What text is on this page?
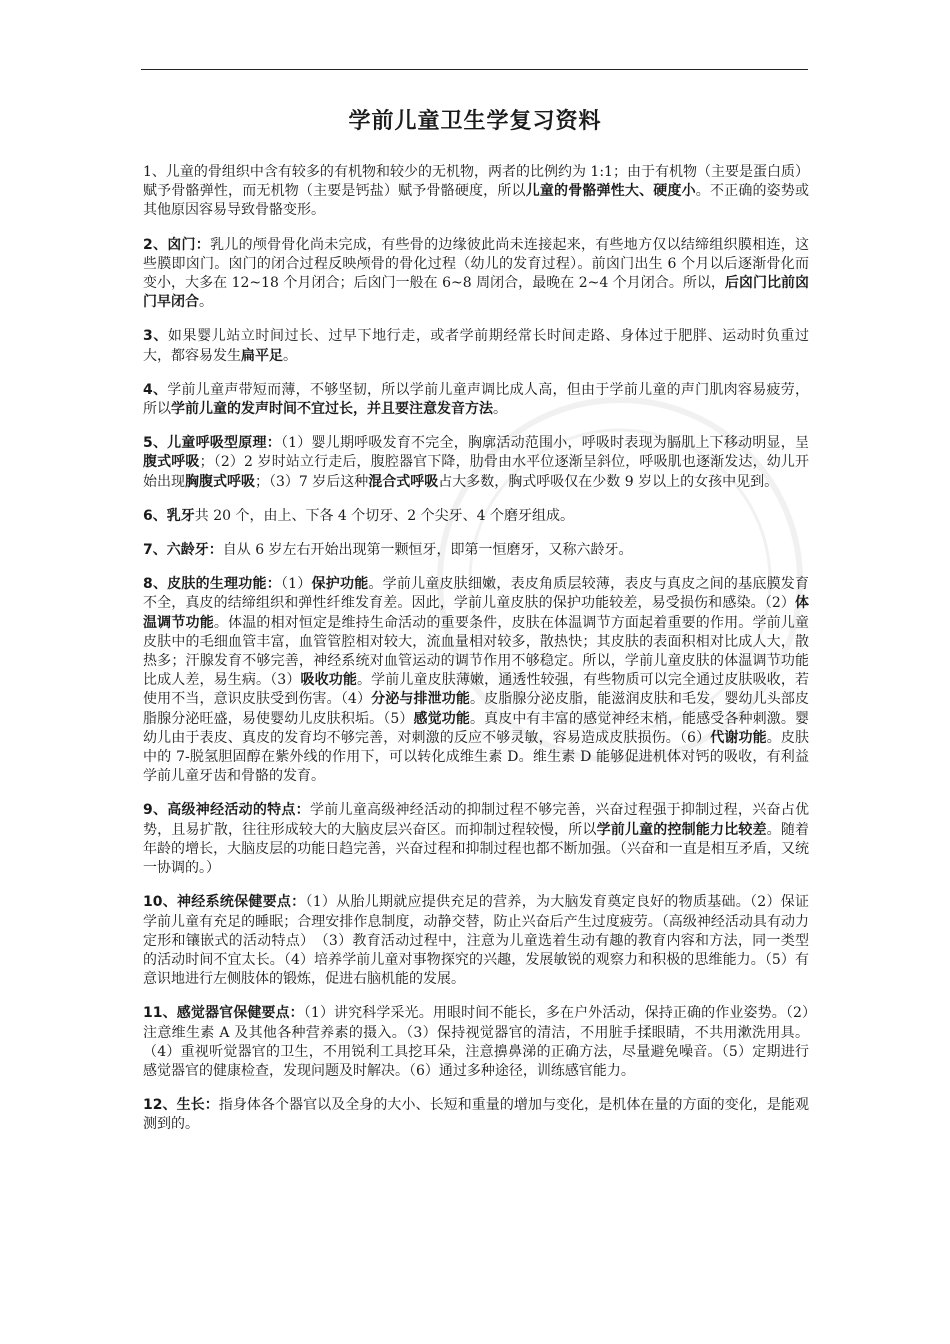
学前儿童卫生学复习资料

1、儿童的骨组织中含有较多的有机物和较少的无机物，两者的比例约为 1:1；由于有机物（主要是蛋白质）赋予骨骼弹性，而无机物（主要是钙盐）赋予骨骼硬度，所以儿童的骨骼弹性大、硬度小。不正确的姿势或其他原因容易导致骨骼变形。

2、囟门：乳儿的颅骨骨化尚未完成，有些骨的边缘彼此尚未连接起来，有些地方仅以结缔组织膜相连，这些膜即囟门。囟门的闭合过程反映颅骨的骨化过程（幼儿的发育过程）。前囟门出生 6 个月以后逐渐骨化而变小，大多在 12~18 个月闭合；后囟门一般在 6~8 周闭合，最晚在 2~4 个月闭合。所以，后囟门比前囟门早闭合。

3、如果婴儿站立时间过长、过早下地行走，或者学前期经常长时间走路、身体过于肥胖、运动时负重过大，都容易发生扁平足。

4、学前儿童声带短而薄，不够坚韧，所以学前儿童声调比成人高，但由于学前儿童的声门肌肉容易疲劳，所以学前儿童的发声时间不宜过长，并且要注意发音方法。

5、儿童呼吸型原理：（1）婴儿期呼吸发育不完全，胸廓活动范围小，呼吸时表现为膈肌上下移动明显，呈腹式呼吸；（2）2 岁时站立行走后，腹腔器官下降，肋骨由水平位逐渐呈斜位，呼吸肌也逐渐发达，幼儿开始出现胸腹式呼吸；（3）7 岁后这种混合式呼吸占大多数，胸式呼吸仅在少数 9 岁以上的女孩中见到。

6、乳牙共 20 个，由上、下各 4 个切牙、2 个尖牙、4 个磨牙组成。

7、六龄牙：自从 6 岁左右开始出现第一颗恒牙，即第一恒磨牙，又称六龄牙。

8、皮肤的生理功能：（1）保护功能。学前儿童皮肤细嫩，表皮角质层较薄，表皮与真皮之间的基底膜发育不全，真皮的结缔组织和弹性纤维发育差。因此，学前儿童皮肤的保护功能较差，易受损伤和感染。（2）体温调节功能。体温的相对恒定是维持生命活动的重要条件，皮肤在体温调节方面起着重要的作用。学前儿童皮肤中的毛细血管丰富，血管管腔相对较大，流血量相对较多，散热快；其皮肤的表面积相对比成人大，散热多；汗腺发育不够完善，神经系统对血管运动的调节作用不够稳定。所以，学前儿童皮肤的体温调节功能比成人差，易生病。（3）吸收功能。学前儿童皮肤薄嫩，通透性较强，有些物质可以完全通过皮肤吸收，若使用不当，意识皮肤受到伤害。（4）分泌与排泄功能。皮脂腺分泌皮脂，能滋润皮肤和毛发，婴幼儿头部皮脂腺分泌旺盛，易使婴幼儿皮肤积垢。（5）感觉功能。真皮中有丰富的感觉神经末梢，能感受各种刺激。婴幼儿由于表皮、真皮的发育均不够完善，对刺激的反应不够灵敏，容易造成皮肤损伤。（6）代谢功能。皮肤中的 7-脱氢胆固醇在紫外线的作用下，可以转化成维生素 D。维生素 D 能够促进机体对钙的吸收，有利益学前儿童牙齿和骨骼的发育。

9、高级神经活动的特点：学前儿童高级神经活动的抑制过程不够完善，兴奋过程强于抑制过程，兴奋占优势，且易扩散，往往形成较大的大脑皮层兴奋区。而抑制过程较慢，所以学前儿童的控制能力比较差。随着年龄的增长，大脑皮层的功能日趋完善，兴奋过程和抑制过程也都不断加强。（兴奋和一直是相互矛盾，又统一协调的。）

10、神经系统保健要点：（1）从胎儿期就应提供充足的营养，为大脑发育奠定良好的物质基础。（2）保证学前儿童有充足的睡眠；合理安排作息制度，动静交替，防止兴奋后产生过度疲劳。（高级神经活动具有动力定形和镶嵌式的活动特点）　（3）教育活动过程中，注意为儿童选着生动有趣的教育内容和方法，同一类型的活动时间不宜太长。（4）培养学前儿童对事物探究的兴趣，发展敏锐的观察力和积极的思维能力。（5）有意识地进行左侧肢体的锻炼，促进右脑机能的发展。

11、感觉器官保健要点：（1）讲究科学采光。用眼时间不能长，多在户外活动，保持正确的作业姿势。（2）注意维生素 A 及其他各种营养素的摄入。（3）保持视觉器官的清洁，不用脏手揉眼睛，不共用漱洗用具。（4）重视听觉器官的卫生，不用锐利工具挖耳朵，注意擤鼻涕的正确方法，尽量避免噪音。（5）定期进行感觉器官的健康检查，发现问题及时解决。（6）通过多种途径，训练感官能力。

12、生长：指身体各个器官以及全身的大小、长短和重量的增加与变化，是机体在量的方面的变化，是能观测到的。
